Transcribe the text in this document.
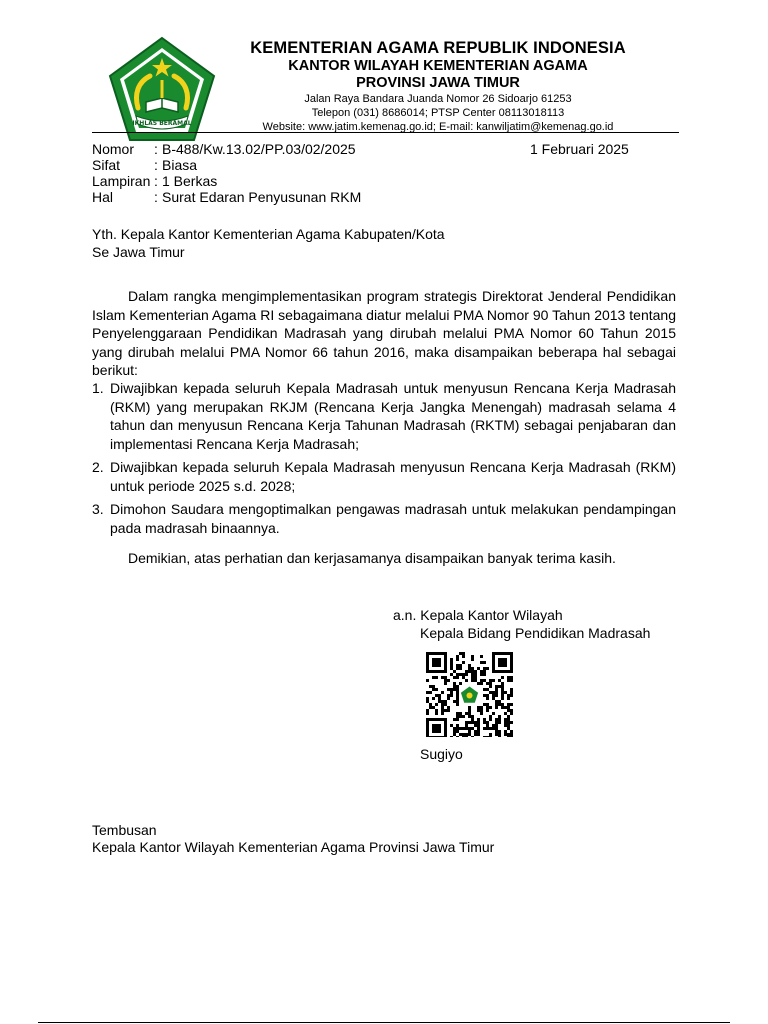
IKHLAS BERAMAL
KEMENTERIAN AGAMA REPUBLIK INDONESIA
KANTOR WILAYAH KEMENTERIAN AGAMA
PROVINSI JAWA TIMUR
Jalan Raya Bandara Juanda Nomor 26 Sidoarjo 61253
Telepon (031) 8686014; PTSP Center 08113018113
Website: www.jatim.kemenag.go.id; E-mail: kanwiljatim@kemenag.go.id
Nomor	: B-488/Kw.13.02/PP.03/02/2025
Sifat	: Biasa
Lampiran : 1 Berkas
Hal	: Surat Edaran Penyusunan RKM
1 Februari 2025
Yth. Kepala Kantor Kementerian Agama Kabupaten/Kota
Se Jawa Timur
Dalam rangka mengimplementasikan program strategis Direktorat Jenderal Pendidikan Islam Kementerian Agama RI sebagaimana diatur melalui PMA Nomor 90 Tahun 2013 tentang Penyelenggaraan Pendidikan Madrasah yang dirubah melalui PMA Nomor 60 Tahun 2015 yang dirubah melalui PMA Nomor 66 tahun 2016, maka disampaikan beberapa hal sebagai berikut:
1. Diwajibkan kepada seluruh Kepala Madrasah untuk menyusun Rencana Kerja Madrasah (RKM) yang merupakan RKJM (Rencana Kerja Jangka Menengah) madrasah selama 4 tahun dan menyusun Rencana Kerja Tahunan Madrasah (RKTM) sebagai penjabaran dan implementasi Rencana Kerja Madrasah;
2. Diwajibkan kepada seluruh Kepala Madrasah menyusun Rencana Kerja Madrasah (RKM) untuk periode 2025 s.d. 2028;
3. Dimohon Saudara mengoptimalkan pengawas madrasah untuk melakukan pendampingan pada madrasah binaannya.
Demikian, atas perhatian dan kerjasamanya disampaikan banyak terima kasih.
a.n. Kepala Kantor Wilayah
Kepala Bidang Pendidikan Madrasah
Sugiyo
Tembusan
Kepala Kantor Wilayah Kementerian Agama Provinsi Jawa Timur
